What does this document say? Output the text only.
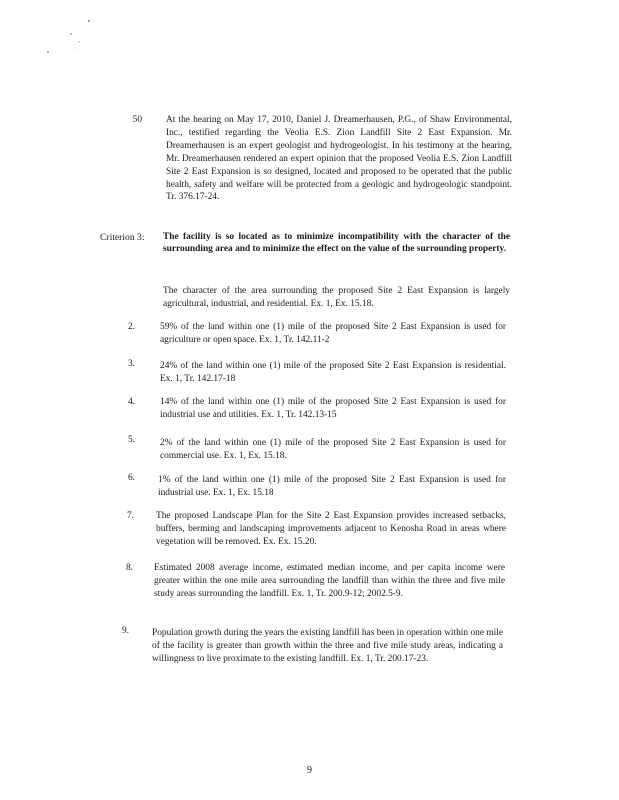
50	At the hearing on May 17, 2010, Daniel J. Dreamerhausen, P.G., of Shaw Environmental, Inc., testified regarding the Veolia E.S. Zion Landfill Site 2 East Expansion. Mr. Dreamerhausen is an expert geologist and hydrogeologist. In his testimony at the hearing, Mr. Dreamerhausen rendered an expert opinion that the proposed Veolia E.S. Zion Landfill Site 2 East Expansion is so designed, located and proposed to be operated that the public health, safety and welfare will be protected from a geologic and hydrogeologic standpoint. Tr. 376.17-24.

Criterion 3: The facility is so located as to minimize incompatibility with the character of the surrounding area and to minimize the effect on the value of the surrounding property.

The character of the area surrounding the proposed Site 2 East Expansion is largely agricultural, industrial, and residential. Ex. 1, Ex. 15.18.

2.	59% of the land within one (1) mile of the proposed Site 2 East Expansion is used for agriculture or open space. Ex. 1, Tr. 142.11-2

3.	24% of the land within one (1) mile of the proposed Site 2 East Expansion is residential. Ex. 1, Tr. 142.17-18

4.	14% of the land within one (1) mile of the proposed Site 2 East Expansion is used for industrial use and utilities. Ex. 1, Tr. 142.13-15

5.	2% of the land within one (1) mile of the proposed Site 2 East Expansion is used for commercial use. Ex. 1, Ex. 15.18.

6. 1% of the land within one (1) mile of the proposed Site 2 East Expansion is used for industrial use. Ex. 1, Ex. 15.18

7. The proposed Landscape Plan for the Site 2 East Expansion provides increased setbacks, buffers, berming and landscaping improvements adjacent to Kenosha Road in areas where vegetation will be removed. Ex. Ex. 15.20.

8. Estimated 2008 average income, estimated median income, and per capita income were greater within the one mile area surrounding the landfill than within the three and five mile study areas surrounding the landfill. Ex. 1, Tr. 200.9-12; 2002.5-9.

9. Population growth during the years the existing landfill has been in operation within one mile of the facility is greater than growth within the three and five mile study areas, indicating a willingness to live proximate to the existing landfill. Ex. 1, Tr. 200.17-23.

9
